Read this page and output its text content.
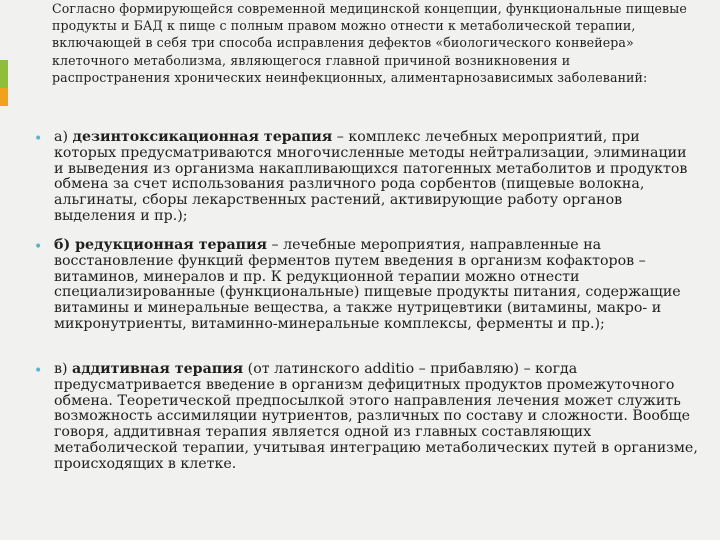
Согласно формирующейся современной медицинской концепции, функциональные пищевые продукты и БАД к пище с полным правом можно отнести к метаболической терапии, включающей в себя три способа исправления дефектов «биологического конвейера» клеточного метаболизма, являющегося главной причиной возникновения и распространения хронических неинфекционных, алиментарнозависимых заболеваний:

• а) дезинтоксикационная терапия – комплекс лечебных мероприятий, при которых предусматриваются многочисленные методы нейтрализации, элиминации и выведения из организма накапливающихся патогенных метаболитов и продуктов обмена за счет использования различного рода сорбентов (пищевые волокна, альгинаты, сборы лекарственных растений, активирующие работу органов выделения и пр.);

• б) редукционная терапия – лечебные мероприятия, направленные на восстановление функций ферментов путем введения в организм кофакторов – витаминов, минералов и пр. К редукционной терапии можно отнести специализированные (функциональные) пищевые продукты питания, содержащие витамины и минеральные вещества, а также нутрицевтики (витамины, макро- и микронутриенты, витаминно-минеральные комплексы, ферменты и пр.);

• в) аддитивная терапия (от латинского additio – прибавляю) – когда предусматривается введение в организм дефицитных продуктов промежуточного обмена. Теоретической предпосылкой этого направления лечения может служить возможность ассимиляции нутриентов, различных по составу и сложности. Вообще говоря, аддитивная терапия является одной из главных составляющих метаболической терапии, учитывая интеграцию метаболических путей в организме, происходящих в клетке.
